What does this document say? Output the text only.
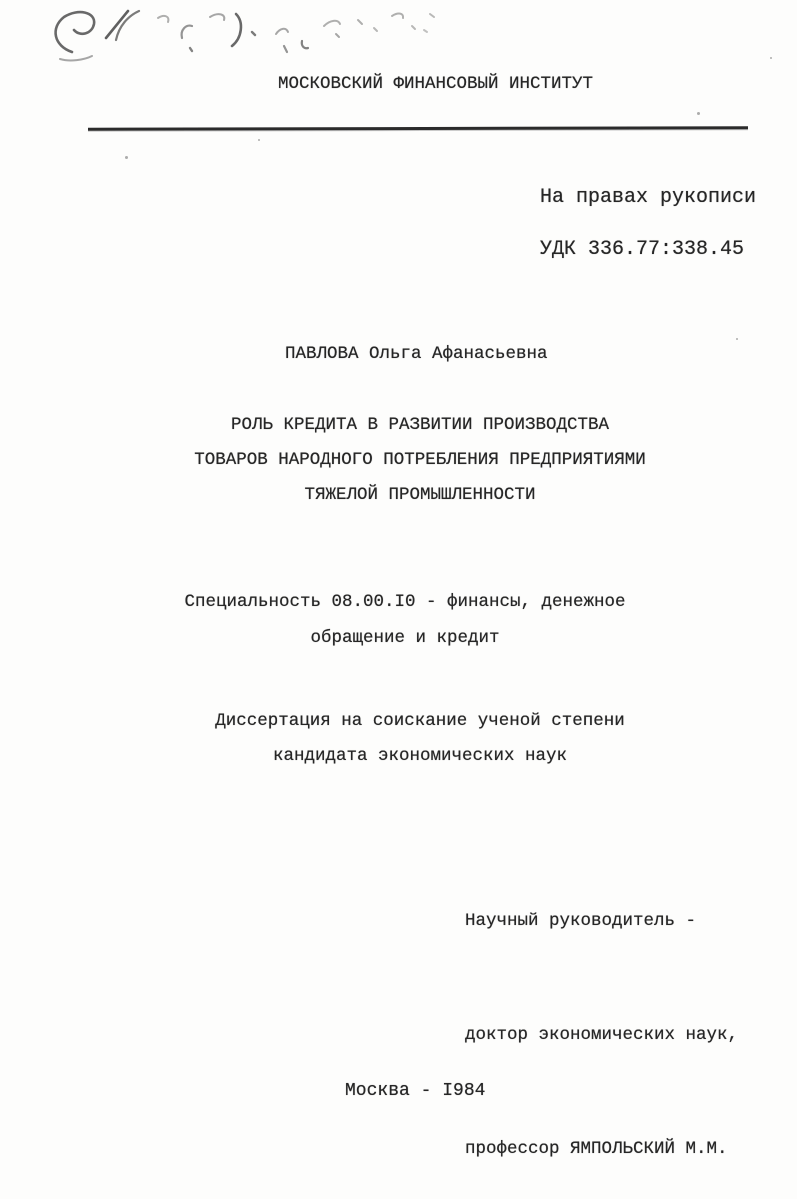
МОСКОВСКИЙ ФИНАНСОВЫЙ ИНСТИТУТ
На правах рукописи
УДК 336.77:338.45
ПАВЛОВА Ольга Афанасьевна
РОЛЬ КРЕДИТА В РАЗВИТИИ ПРОИЗВОДСТВА
ТОВАРОВ НАРОДНОГО ПОТРЕБЛЕНИЯ ПРЕДПРИЯТИЯМИ
ТЯЖЕЛОЙ ПРОМЫШЛЕННОСТИ
Специальность 08.00.I0 - финансы, денежное
обращение и кредит
Диссертация на соискание ученой степени
кандидата экономических наук

Научный руководитель -

доктор экономических наук,

профессор ЯМПОЛЬСКИЙ М.М.

Москва - I984
